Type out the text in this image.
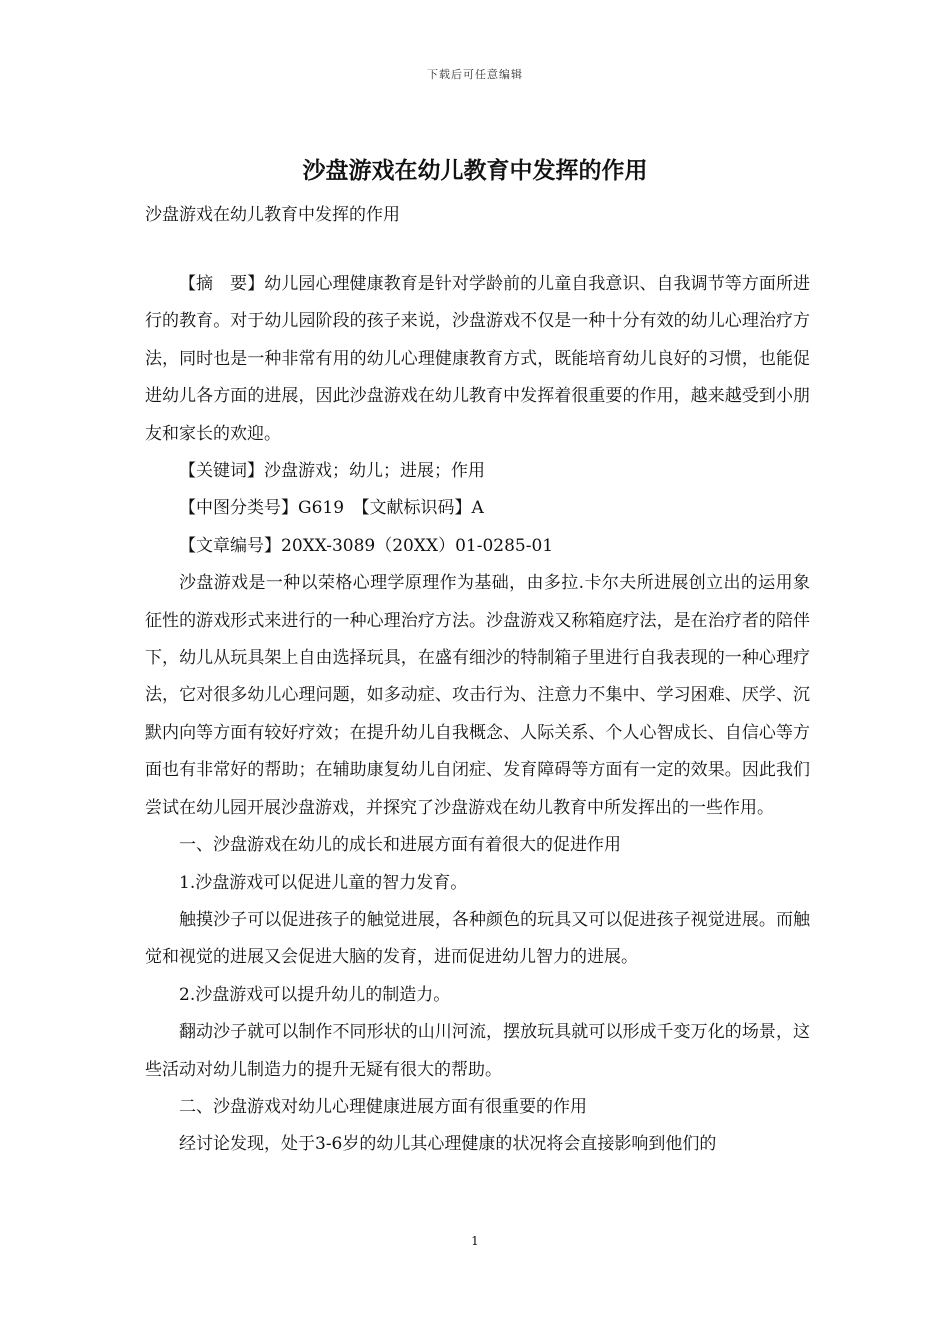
下载后可任意编辑
沙盘游戏在幼儿教育中发挥的作用
沙盘游戏在幼儿教育中发挥的作用

【摘　要】幼儿园心理健康教育是针对学龄前的儿童自我意识、自我调节等方面所进行的教育。对于幼儿园阶段的孩子来说，沙盘游戏不仅是一种十分有效的幼儿心理治疗方法，同时也是一种非常有用的幼儿心理健康教育方式，既能培育幼儿良好的习惯，也能促进幼儿各方面的进展，因此沙盘游戏在幼儿教育中发挥着很重要的作用，越来越受到小朋友和家长的欢迎。

【关键词】沙盘游戏；幼儿；进展；作用

【中图分类号】G619　【文献标识码】A

【文章编号】20XX-3089（20XX）01-0285-01

沙盘游戏是一种以荣格心理学原理作为基础，由多拉.卡尔夫所进展创立出的运用象征性的游戏形式来进行的一种心理治疗方法。沙盘游戏又称箱庭疗法，是在治疗者的陪伴下，幼儿从玩具架上自由选择玩具，在盛有细沙的特制箱子里进行自我表现的一种心理疗法，它对很多幼儿心理问题，如多动症、攻击行为、注意力不集中、学习困难、厌学、沉默内向等方面有较好疗效；在提升幼儿自我概念、人际关系、个人心智成长、自信心等方面也有非常好的帮助；在辅助康复幼儿自闭症、发育障碍等方面有一定的效果。因此我们尝试在幼儿园开展沙盘游戏，并探究了沙盘游戏在幼儿教育中所发挥出的一些作用。

一、沙盘游戏在幼儿的成长和进展方面有着很大的促进作用

1.沙盘游戏可以促进儿童的智力发育。

触摸沙子可以促进孩子的触觉进展，各种颜色的玩具又可以促进孩子视觉进展。而触觉和视觉的进展又会促进大脑的发育，进而促进幼儿智力的进展。

2.沙盘游戏可以提升幼儿的制造力。

翻动沙子就可以制作不同形状的山川河流，摆放玩具就可以形成千变万化的场景，这些活动对幼儿制造力的提升无疑有很大的帮助。

二、沙盘游戏对幼儿心理健康进展方面有很重要的作用

经讨论发现，处于3-6岁的幼儿其心理健康的状况将会直接影响到他们的

1
